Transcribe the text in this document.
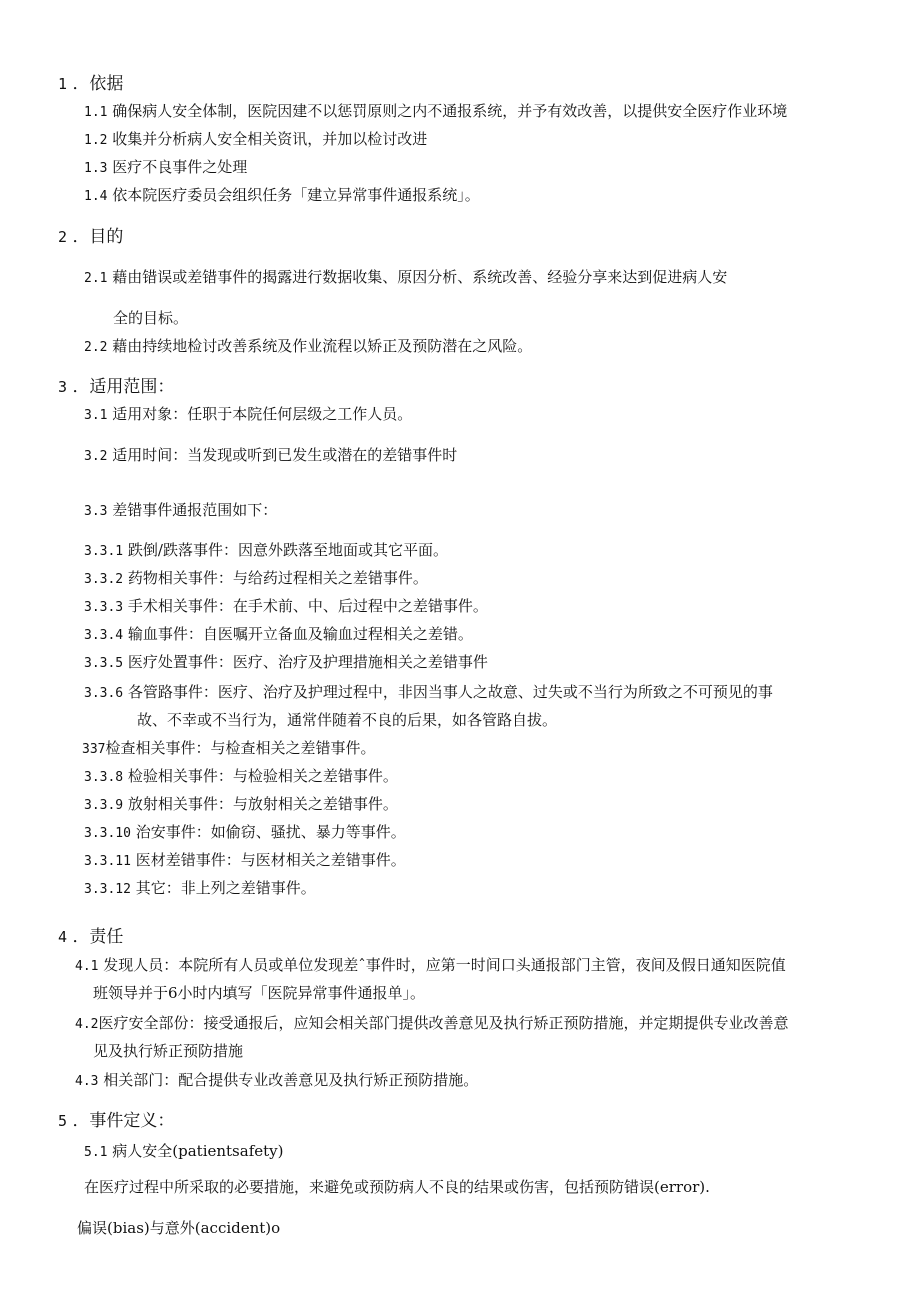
1 ．依据
1.1 确保病人安全体制，医院因建不以惩罚原则之内不通报系统，并予有效改善，以提供安全医疗作业环境
1.2 收集并分析病人安全相关资讯，并加以检讨改进
1.3 医疗不良事件之处理
1.4 依本院医疗委员会组织任务「建立异常事件通报系统」。
2 ．目的
2.1 藉由错误或差错事件的揭露进行数据收集、原因分析、系统改善、经验分享来达到促进病人安
全的目标。
2.2 藉由持续地检讨改善系统及作业流程以矫正及预防潜在之风险。
3 ．适用范围：
3.1 适用对象：任职于本院任何层级之工作人员。
3.2 适用时间：当发现或听到已发生或潜在的差错事件时
3.3 差错事件通报范围如下：
3.3.1 跌倒/跌落事件：因意外跌落至地面或其它平面。
3.3.2 药物相关事件：与给药过程相关之差错事件。
3.3.3 手术相关事件：在手术前、中、后过程中之差错事件。
3.3.4 输血事件：自医嘱开立备血及输血过程相关之差错。
3.3.5 医疗处置事件：医疗、治疗及护理措施相关之差错事件
3.3.6 各管路事件：医疗、治疗及护理过程中，非因当事人之故意、过失或不当行为所致之不可预见的事
故、不幸或不当行为，通常伴随着不良的后果，如各管路自拔。
337检查相关事件：与检查相关之差错事件。
3.3.8 检验相关事件：与检验相关之差错事件。
3.3.9 放射相关事件：与放射相关之差错事件。
3.3.10 治安事件：如偷窃、骚扰、暴力等事件。
3.3.11 医材差错事件：与医材相关之差错事件。
3.3.12 其它：非上列之差错事件。
4 ．责任
4.1 发现人员：本院所有人员或单位发现差ˆ事件时，应第一时间口头通报部门主管，夜间及假日通知医院值
班领导并于6小时内填写「医院异常事件通报单」。
4.2医疗安全部份：接受通报后，应知会相关部门提供改善意见及执行矫正预防措施，并定期提供专业改善意
见及执行矫正预防措施
4.3 相关部门：配合提供专业改善意见及执行矫正预防措施。
5 ．事件定义：
5.1 病人安全(patientsafety)
在医疗过程中所采取的必要措施，来避免或预防病人不良的结果或伤害，包括预防错误(error).
偏误(bias)与意外(accident)o
